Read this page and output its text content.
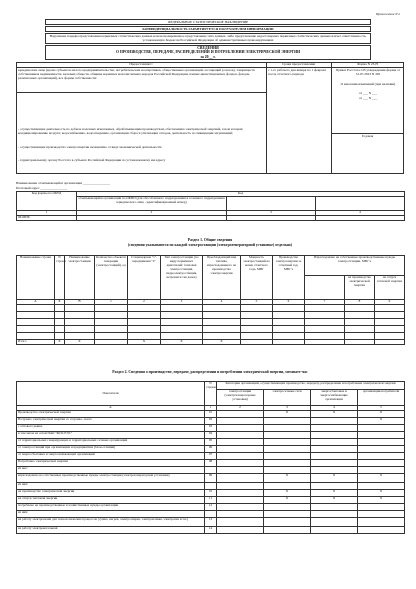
Приложение N 2
ФЕДЕРАЛЬНОЕ СТАТИСТИЧЕСКОЕ НАБЛЮДЕНИЕ
КОНФИДЕНЦИАЛЬНОСТЬ ГАРАНТИРУЕТСЯ ПОЛУЧАТЕЛЕМ ИНФОРМАЦИИ
Нарушение порядка представления первичных статистических данных или несвоевременное представление этих данных, либо представление недостоверных первичных статистических данных влечет ответственность, установленную Кодексом Российской Федерации об административных правонарушениях
СВЕДЕНИЯ
О ПРОИЗВОДСТВЕ, ПЕРЕДАЧЕ, РАСПРЕДЕЛЕНИИ И ПОТРЕБЛЕНИИ ЭЛЕКТРИЧЕСКОЙ ЭНЕРГИИ
за 20__ г.
Предоставляют:	Сроки предоставления	Форма N 23-Н
юридические лица (кроме субъектов малого предпринимательства, потребительских кооперативов, общественных организаций, ассоциаций (союзов), товариществ собственников недвижимости, казачьих обществ, общины коренных малочисленных народов Российской Федерации, паевых инвестиционных фондов, фондов, религиозных организаций), все формы собственности:
- осуществляющие деятельность по добыче полезных ископаемых, обрабатывающим производствам, обеспечению электрической энергией, газом и паром; кондиционированию воздуха; водоснабжению, водоотведению, организации сбора и утилизации отходов, деятельность по ликвидации загрязнений;
- осуществляющие производство электроэнергии независимо от вида экономической деятельности:
- территориальному органу Росстата в субъекте Российской Федерации по установленному им адресу
с 1-го рабочего дня января по 1 февраля после отчетного периода
Приказ Росстата: Об утверждении формы от 31.07.2023 N 365
О внесении изменений (при наличии)
от ___ N ___
от ___ N ___
Годовая
Наименование отчитывающейся организации ________________
Почтовый адрес ________________
Код формы по ОКУД	Код		
	отчитывающейся организации по ОКПО (для обособленного подразделения и головного подразделения юридического лица - идентификационный номер)		
1	2	3	4
0610036			
Раздел 1. Общие сведения
(сведения указываются по каждой электростанции (электрогенераторной установке) отдельно)
Наименование строки	N строки	Наименование электростанции	Количество объектов генерации (электростанций), ед	Стационарная "1", передвижная "2"	Тип электростанции (по виду первичных двигателей: тепловая электростанция, гидроэлектростанция, ветровая и так далее)	Преобладающий вид топлива, израсходованного на производство электроэнергии	Мощность электростанций на конец отчетного года, МВт	Производство электроэнергии за отчетный год, МВт·ч	Израсходовано на собственные производственные нужды электростанции, МВт·ч		
										на производство электрической энергии	на отпуск тепловой энергии
А	Б	В	1	2	3	4	5	6	7	8	9

Итого	X	X		X	X	X					
Раздел 2. Сведения о производстве, передаче, распределении и потреблении электрической энергии, мегаватт-час
Показатели	N строки	Категории организаций, осуществляющих производство, передачу, распределение и потребление электрической энергии			
		электростанции (электрогенераторные установки)	электросетевые сети	энергосбытовые и энергоснабжающие организации	организации-потребители
А	1	2	3	4	5
Производство электрической энергии	01		X	X	X
Получено электрической энергии со стороны - всего	02				X
с оптового рынка	03				
в том числе из сетей ПАО "ФСК ЕЭС"	04				
от территориальных генерирующих и территориальных сетевых организаций	05				
от электростанций при организациях и предприятиях (блок-станции)	06				
от энергосбытовых и энергоснабжающих организаций	07				
Потреблено электрической энергии	08				
из нее:					
израсходовано на собственные производственные нужды электростанции (электрогенераторной установки)	09		X	X	X
из них:					
на производство электрической энергии	10		X	X	X
на отпуск тепловой энергии	11		X	X	X
потреблено на производственные и хозяйственные нужды организации	12				
из них:					
на работу электропечей для технологических процессов (сушка, нагрев, электросварка, электроплавка, электролиз и т.п.)	13				
на работу электрокотельной	14				
